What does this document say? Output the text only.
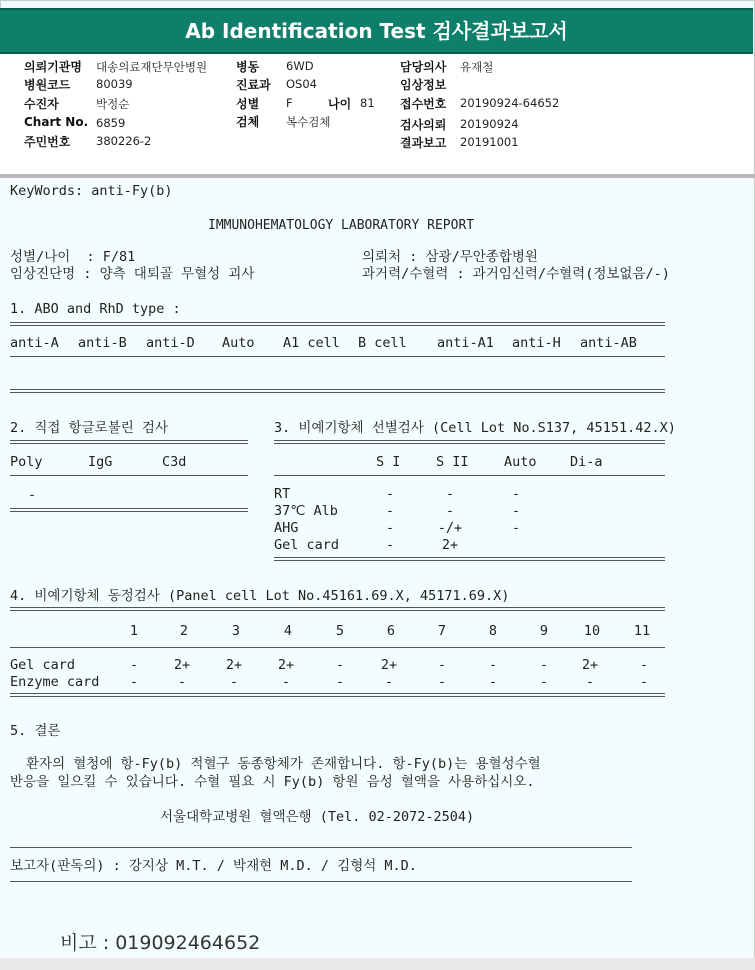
Ab Identification Test 검사결과보고서
의뢰기관명 대송의료재단무안병원
병원코드 80039
수진자	박정순
Chart No. 6859
주민번호 380226-2
병동 6WD
진료과 OS04
성별 F	나이 81
검체 복수검체
담당의사 유재철
임상정보
접수번호 20190924-64652
검사의뢰 20190924
결과보고 20191001
KeyWords: anti-Fy(b)
IMMUNOHEMATOLOGY LABORATORY REPORT
성별/나이  : F/81
임상진단명 : 양측 대퇴골 무혈성 괴사
의뢰처 : 삼광/무안종합병원
과거력/수혈력 : 과거임신력/수혈력(정보없음/-)
1. ABO and RhD type :
anti-A anti-B anti-D Auto A1 cell B cell anti-A1 anti-H anti-AB
2. 직접 항글로불린 검사
Poly	IgG	C3d
-
3. 비예기항체 선별검사 (Cell Lot No.S137, 45151.42.X)
S I	S II	Auto Di-a
RT	-	-	-
37℃ Alb	-	-	-
AHG	-	-/+	-
Gel card	-	2+
4. 비예기항체 동정검사 (Panel cell Lot No.45161.69.X, 45171.69.X)
1	2	3	4	5	6	7	8	9	10	11
Gel card	-	2+	2+	2+	-	2+	-	-	-	2+	-
Enzyme card	-	-	-	-	-	-	-	-	-	-	-
5. 결론
환자의 혈청에 항-Fy(b) 적혈구 동종항체가 존재합니다. 항-Fy(b)는 용혈성수혈
반응을 일으킬 수 있습니다. 수혈 필요 시 Fy(b) 항원 음성 혈액을 사용하십시오.
서울대학교병원 혈액은행 (Tel. 02-2072-2504)
보고자(판독의) : 강지상 M.T. / 박재현 M.D. / 김형석 M.D.
비고 : 019092464652
